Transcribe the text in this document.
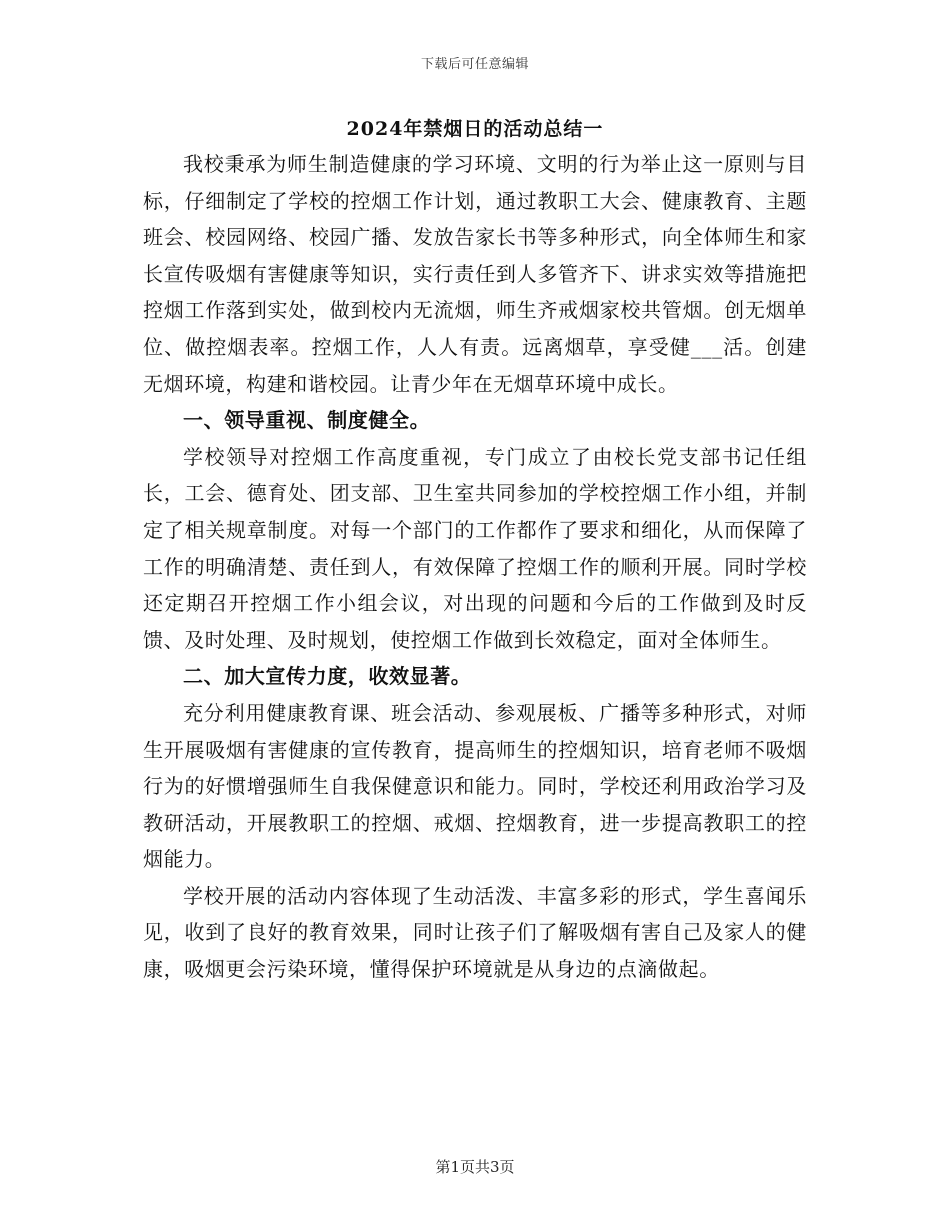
下载后可任意编辑
2024年禁烟日的活动总结一

我校秉承为师生制造健康的学习环境、文明的行为举止这一原则与目标，仔细制定了学校的控烟工作计划，通过教职工大会、健康教育、主题班会、校园网络、校园广播、发放告家长书等多种形式，向全体师生和家长宣传吸烟有害健康等知识，实行责任到人多管齐下、讲求实效等措施把控烟工作落到实处，做到校内无流烟，师生齐戒烟家校共管烟。创无烟单位、做控烟表率。控烟工作，人人有责。远离烟草，享受健___活。创建无烟环境，构建和谐校园。让青少年在无烟草环境中成长。

一、领导重视、制度健全。

学校领导对控烟工作高度重视，专门成立了由校长党支部书记任组长，工会、德育处、团支部、卫生室共同参加的学校控烟工作小组，并制定了相关规章制度。对每一个部门的工作都作了要求和细化，从而保障了工作的明确清楚、责任到人，有效保障了控烟工作的顺利开展。同时学校还定期召开控烟工作小组会议，对出现的问题和今后的工作做到及时反馈、及时处理、及时规划，使控烟工作做到长效稳定，面对全体师生。

二、加大宣传力度，收效显著。

充分利用健康教育课、班会活动、参观展板、广播等多种形式，对师生开展吸烟有害健康的宣传教育，提高师生的控烟知识，培育老师不吸烟行为的好惯增强师生自我保健意识和能力。同时，学校还利用政治学习及教研活动，开展教职工的控烟、戒烟、控烟教育，进一步提高教职工的控烟能力。

学校开展的活动内容体现了生动活泼、丰富多彩的形式，学生喜闻乐见，收到了良好的教育效果，同时让孩子们了解吸烟有害自己及家人的健康，吸烟更会污染环境，懂得保护环境就是从身边的点滴做起。

第1页共3页
